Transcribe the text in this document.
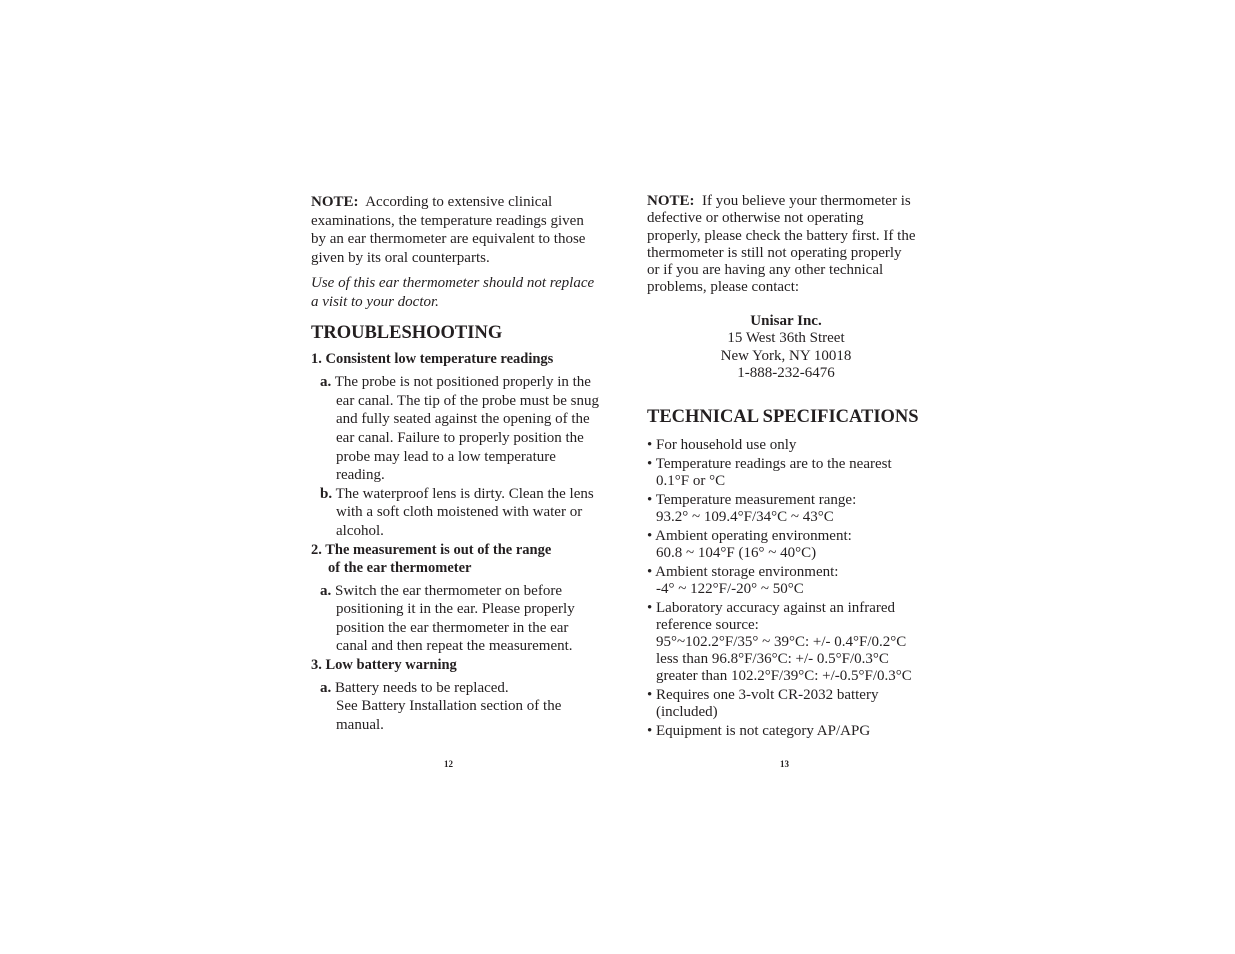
NOTE: According to extensive clinical examinations, the temperature readings given by an ear thermometer are equivalent to those given by its oral counterparts.

Use of this ear thermometer should not replace a visit to your doctor.

TROUBLESHOOTING

1. Consistent low temperature readings

a. The probe is not positioned properly in the ear canal. The tip of the probe must be snug and fully seated against the opening of the ear canal. Failure to properly position the probe may lead to a low temperature reading.

b. The waterproof lens is dirty. Clean the lens with a soft cloth moistened with water or alcohol.

2. The measurement is out of the range
of the ear thermometer

a. Switch the ear thermometer on before positioning it in the ear. Please properly position the ear thermometer in the ear canal and then repeat the measurement.

3. Low battery warning

a. Battery needs to be replaced.
See Battery Installation section of the manual.

12

NOTE: If you believe your thermometer is defective or otherwise not operating properly, please check the battery first. If the thermometer is still not operating properly or if you are having any other technical problems, please contact:

Unisar Inc.
15 West 36th Street
New York, NY 10018
1-888-232-6476
TECHNICAL SPECIFICATIONS
• For household use only
• Temperature readings are to the nearest
0.1°F or °C
• Temperature measurement range:
93.2° ~ 109.4°F/34°C ~ 43°C
• Ambient operating environment:
60.8 ~ 104°F (16° ~ 40°C)
• Ambient storage environment:
-4° ~ 122°F/-20° ~ 50°C
• Laboratory accuracy against an infrared
reference source:
95°~102.2°F/35° ~ 39°C: +/- 0.4°F/0.2°C
less than 96.8°F/36°C: +/- 0.5°F/0.3°C
greater than 102.2°F/39°C: +/-0.5°F/0.3°C
• Requires one 3-volt CR-2032 battery
(included)
• Equipment is not category AP/APG
13
